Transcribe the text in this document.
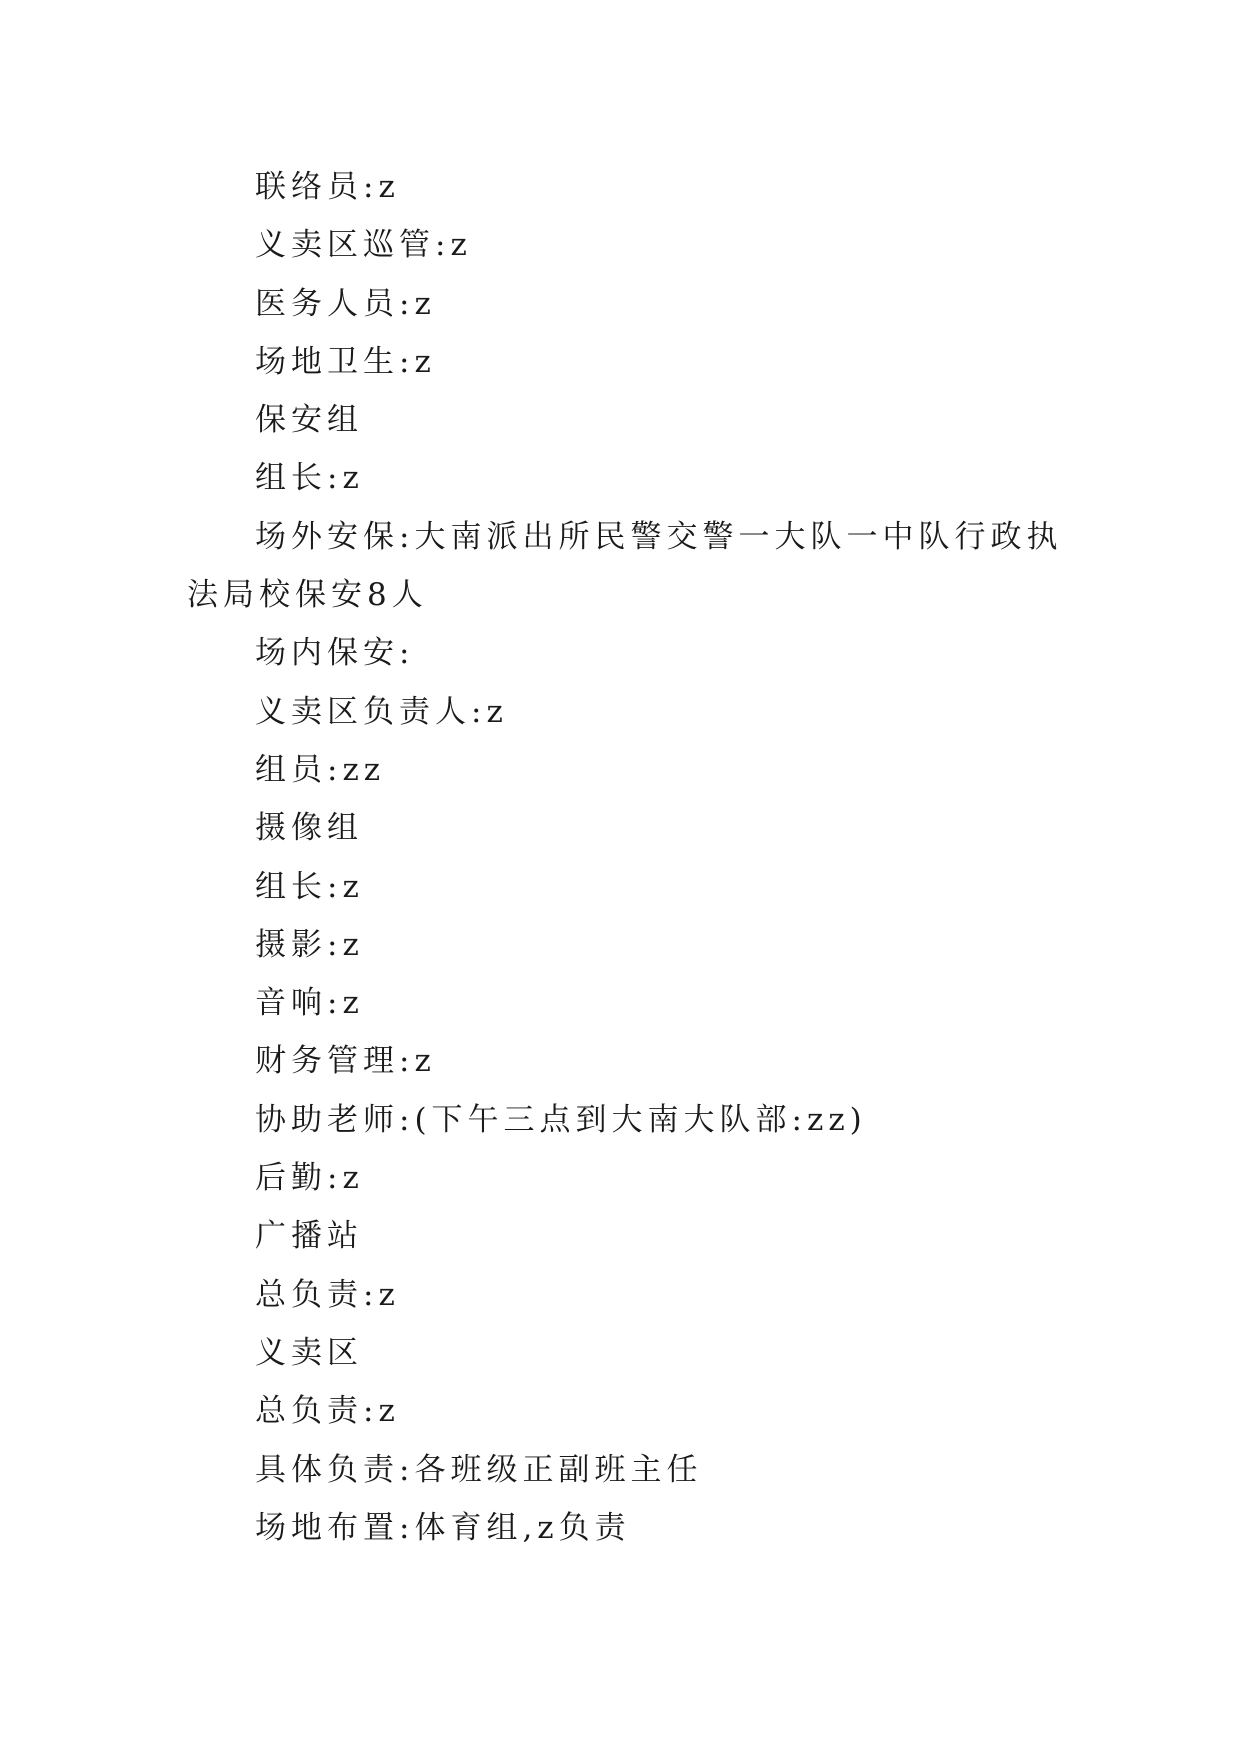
联络员:z

义卖区巡管:z

医务人员:z

场地卫生:z

保安组

组长:z

场外安保:大南派出所民警交警一大队一中队行政执法局校保安8人

场内保安:

义卖区负责人:z

组员:zz

摄像组

组长:z

摄影:z

音响:z

财务管理:z

协助老师:(下午三点到大南大队部:zz)

后勤:z

广播站

总负责:z

义卖区

总负责:z

具体负责:各班级正副班主任

场地布置:体育组,z负责
